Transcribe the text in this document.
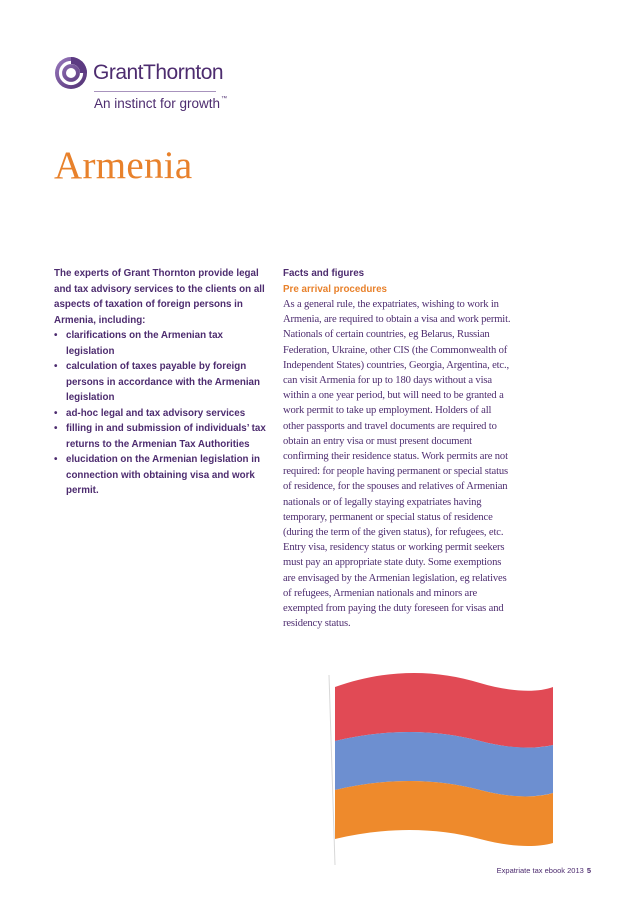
GrantThornton
An instinct for growth™
Armenia

The experts of Grant Thornton provide legal and tax advisory services to the clients on all aspects of taxation of foreign persons in Armenia, including:

• clarifications on the Armenian tax legislation
• calculation of taxes payable by foreign persons in accordance with the Armenian legislation
• ad-hoc legal and tax advisory services
• filling in and submission of individuals’ tax returns to the Armenian Tax Authorities
• elucidation on the Armenian legislation in connection with obtaining visa and work permit.

Facts and figures

Pre arrival procedures

As a general rule, the expatriates, wishing to work in Armenia, are required to obtain a visa and work permit. Nationals of certain countries, eg Belarus, Russian Federation, Ukraine, other CIS (the Commonwealth of Independent States) countries, Georgia, Argentina, etc., can visit Armenia for up to 180 days without a visa within a one year period, but will need to be granted a work permit to take up employment. Holders of all other passports and travel documents are required to obtain an entry visa or must present document confirming their residence status. Work permits are not required: for people having permanent or special status of residence, for the spouses and relatives of Armenian nationals or of legally staying expatriates having temporary, permanent or special status of residence (during the term of the given status), for refugees, etc. Entry visa, residency status or working permit seekers must pay an appropriate state duty. Some exemptions are envisaged by the Armenian legislation, eg relatives of refugees, Armenian nationals and minors are exempted from paying the duty foreseen for visas and residency status.

Expatriate tax ebook 2013 5
